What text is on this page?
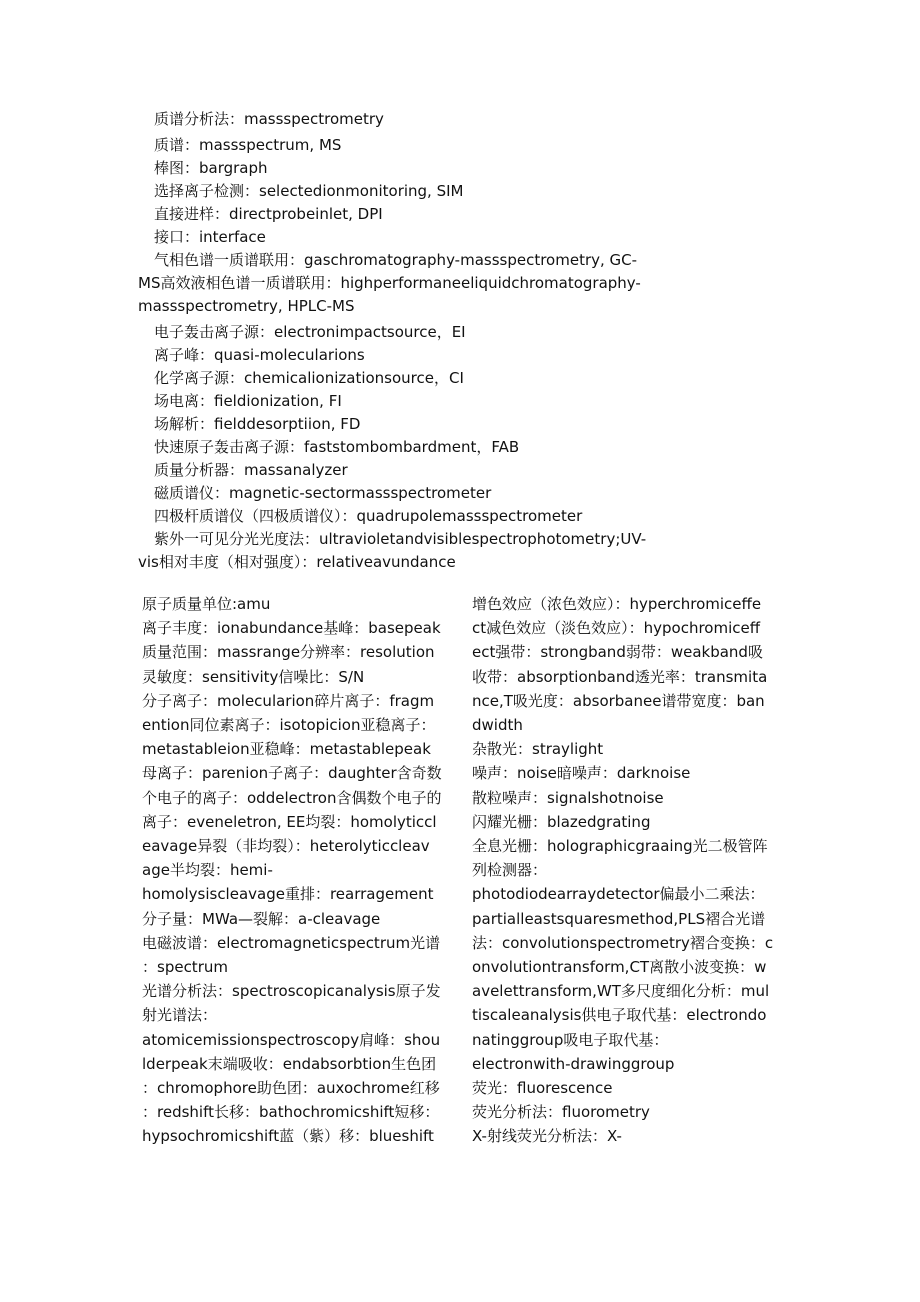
质谱分析法：massspectrometry
质谱：massspectrum, MS
棒图：bargraph
选择离子检测：selectedionmonitoring, SIM
直接进样：directprobeinlet, DPI
接口：interface
气相色谱一质谱联用：gaschromatography-massspectrometry, GC-
MS高效液相色谱一质谱联用：highperformaneeliquidchromatography-
massspectrometry, HPLC-MS
电子轰击离子源：electronimpactsource，EI
离子峰：quasi-molecularions
化学离子源：chemicalionizationsource，CI
场电离：fieldionization, FI
场解析：fielddesorptiion, FD
快速原子轰击离子源：faststombombardment，FAB
质量分析器：massanalyzer
磁质谱仪：magnetic-sectormassspectrometer
四极杆质谱仪（四极质谱仪）：quadrupolemassspectrometer
紫外一可见分光光度法：ultravioletandvisiblespectrophotometry;UV-
vis相对丰度（相对强度）：relativeavundance
原子质量单位:amu
离子丰度：ionabundance基峰：basepeak
质量范围：massrange分辨率：resolution
灵敏度：sensitivity信噪比：S/N
分子离子：molecularion碎片离子：fragm
ention同位素离子：isotopicion亚稳离子：
metastableion亚稳峰：metastablepeak
母离子：parenion子离子：daughter含奇数
个电子的离子：oddelectron含偶数个电子的
离子：eveneletron, EE均裂：homolyticcl
eavage异裂（非均裂）：heterolyticcleav
age半均裂：hemi-
homolysiscleavage重排：rearragement
分子量：MWa—裂解：a-cleavage
电磁波谱：electromagneticspectrum光谱
：spectrum
光谱分析法：spectroscopicanalysis原子发
射光谱法：
atomicemissionspectroscopy肩峰：shou
lderpeak末端吸收：endabsorbtion生色团
：chromophore助色团：auxochrome红移
：redshift长移：bathochromicshift短移：
hypsochromicshift蓝（紫）移：blueshift
增色效应（浓色效应）：hyperchromiceffe
ct减色效应（淡色效应）：hypochromiceff
ect强带：strongband弱带：weakband吸
收带：absorptionband透光率：transmita
nce,T吸光度：absorbanee谱带宽度：ban
dwidth
杂散光：straylight
噪声：noise暗噪声：darknoise
散粒噪声：signalshotnoise
闪耀光栅：blazedgrating
全息光栅：holographicgraaing光二极管阵
列检测器：
photodiodearraydetector偏最小二乘法：
partialleastsquaresmethod,PLS褶合光谱
法：convolutionspectrometry褶合变换：c
onvolutiontransform,CT离散小波变换：w
avelettransform,WT多尺度细化分析：mul
tiscaleanalysis供电子取代基：electrondo
natinggroup吸电子取代基：
electronwith-drawinggroup
荧光：fluorescence
荧光分析法：fluorometry
X-射线荧光分析法：X-
